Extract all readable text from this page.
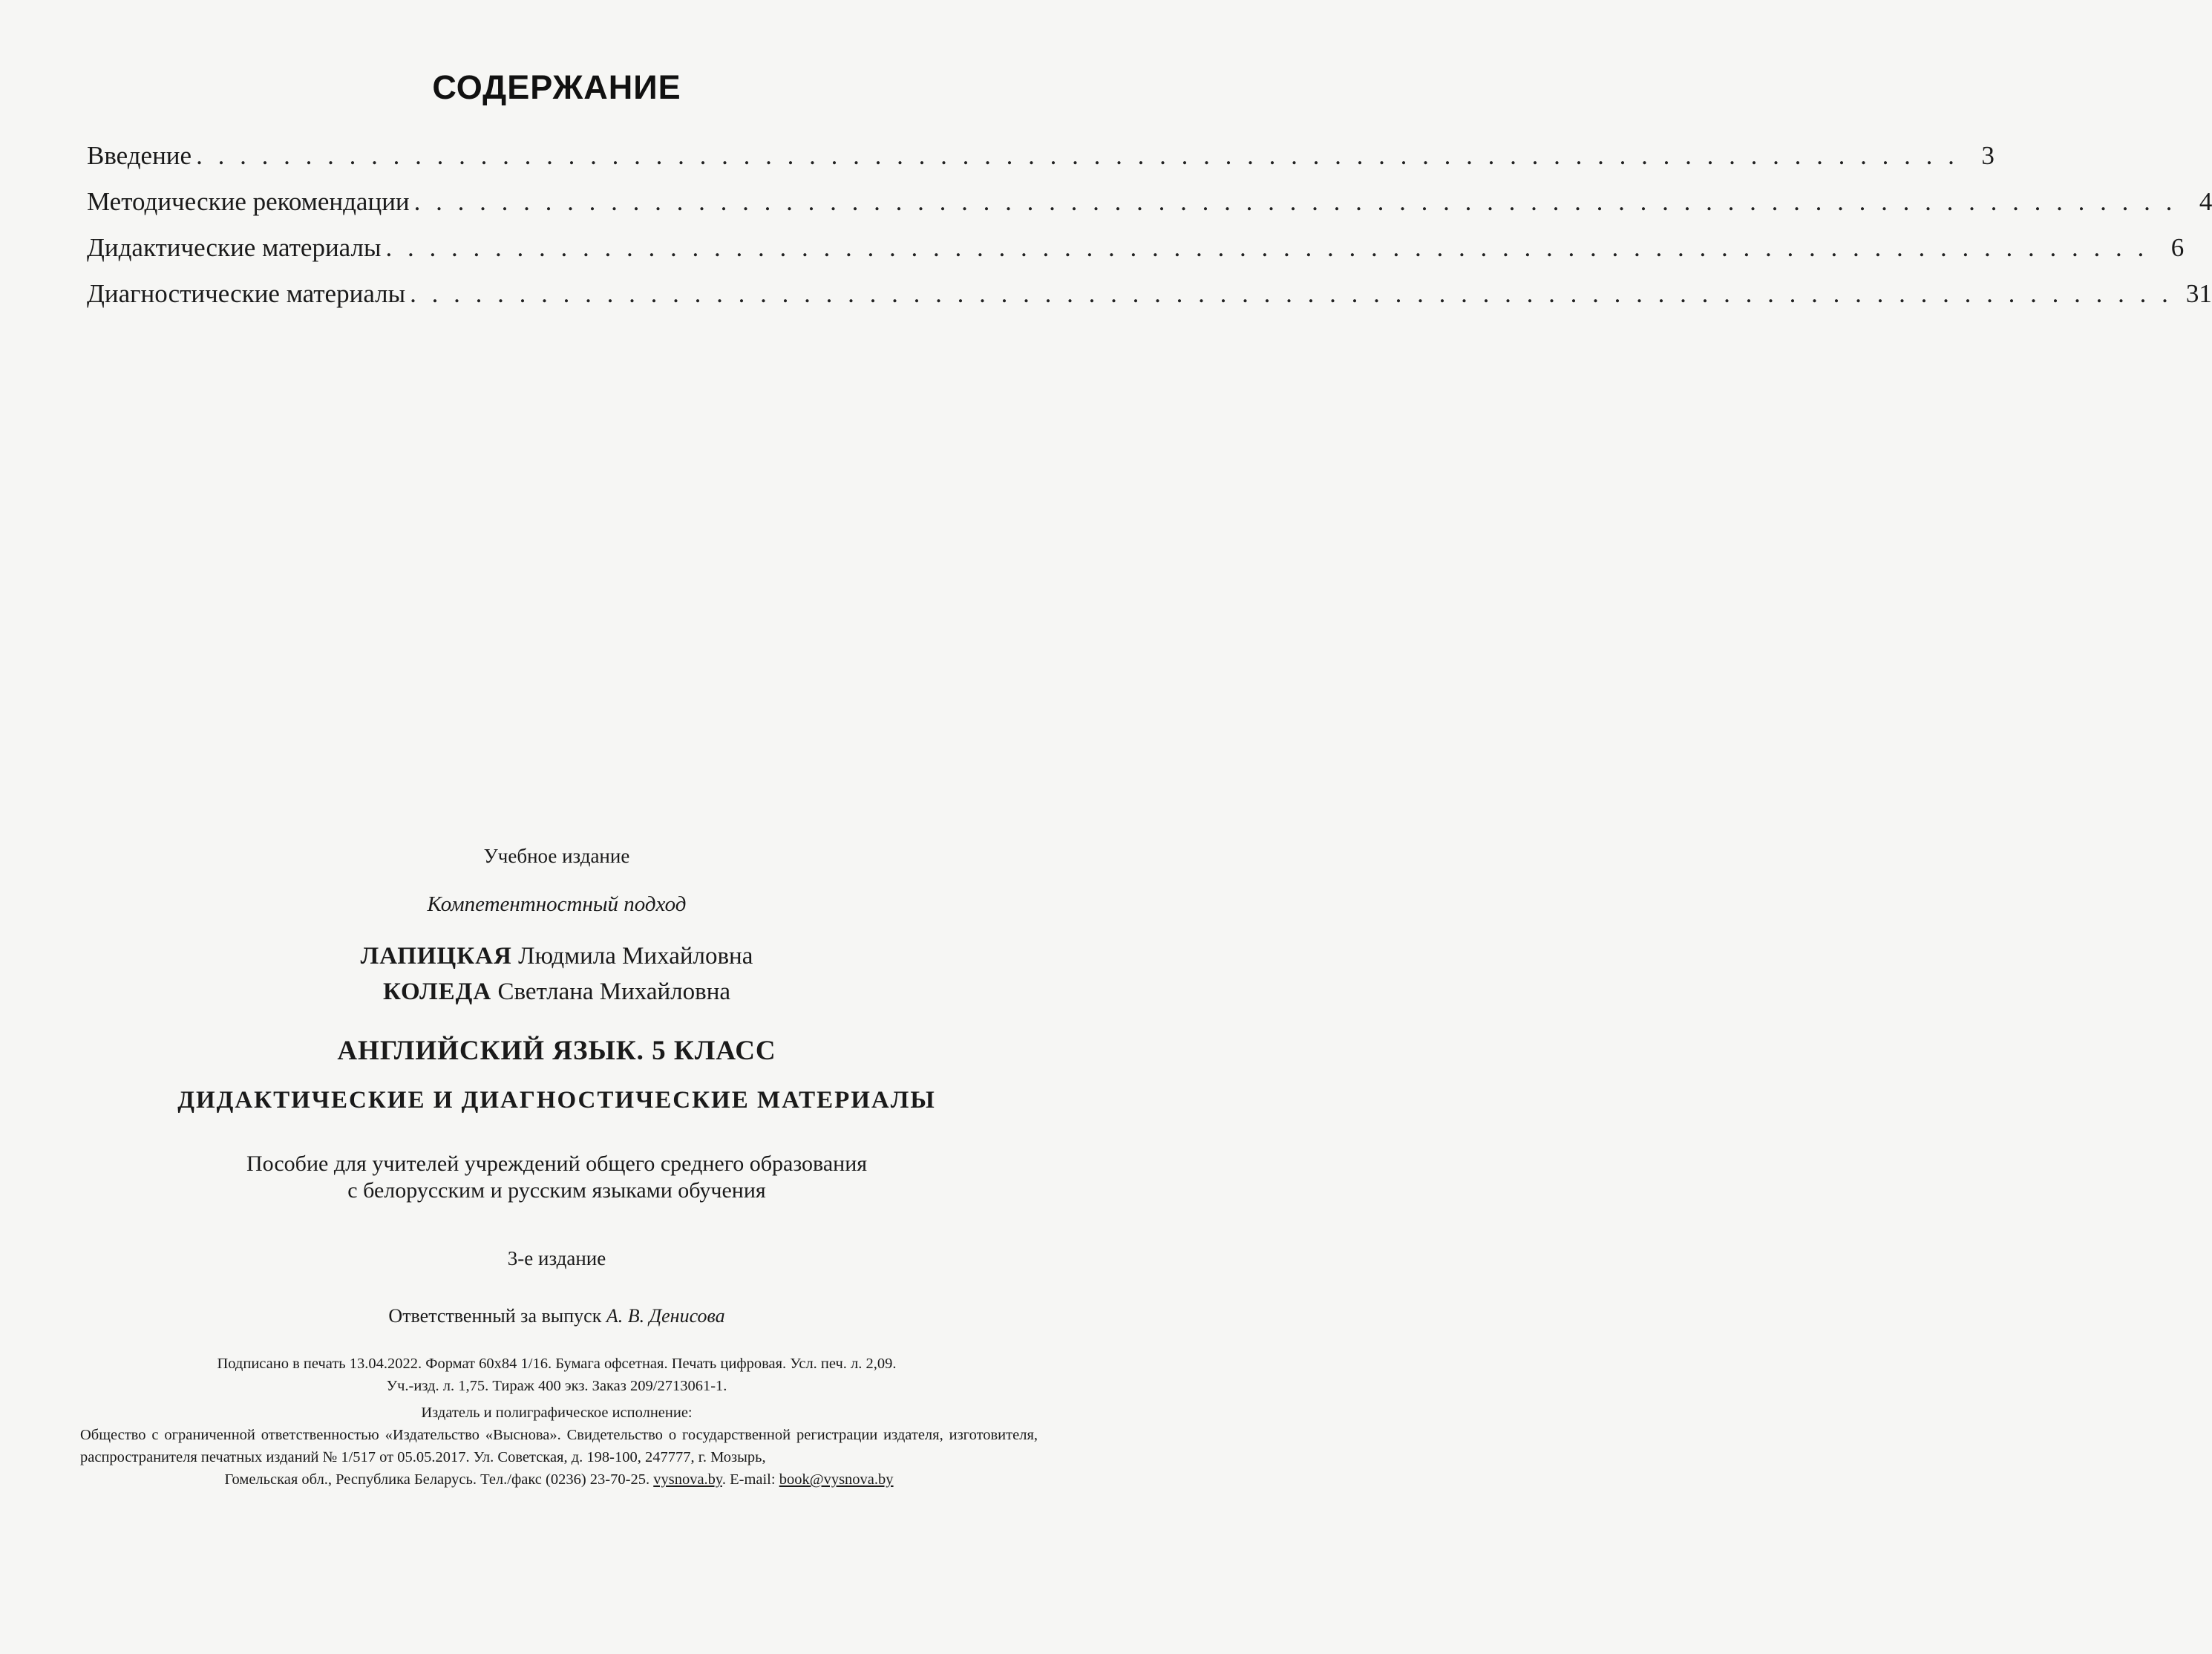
СОДЕРЖАНИЕ
Введение . . . . . . . . . . . . . . . . . . . . . . . . . . . . . . . . . . . . . . . . . . . . . . . . . . . . . . . . . . . . . . . . . . . . . . . . . . . . . . . . . 3
Методические рекомендации . . . . . . . . . . . . . . . . . . . . . . . . . . . . . . . . . . . . . . . . . . . . . . . . . . . . . . . . . . . . . . . . . . . . . . . . . . . . . . . . . 4
Дидактические материалы . . . . . . . . . . . . . . . . . . . . . . . . . . . . . . . . . . . . . . . . . . . . . . . . . . . . . . . . . . . . . . . . . . . . . . . . . . . . . . . . . 6
Диагностические материалы . . . . . . . . . . . . . . . . . . . . . . . . . . . . . . . . . . . . . . . . . . . . . . . . . . . . . . . . . . . . . . . . . . . . . . . . . . . . . . . . . 31
Учебное издание
Компетентностный подход
ЛАПИЦКАЯ Людмила Михайловна
КОЛЕДА Светлана Михайловна
АНГЛИЙСКИЙ ЯЗЫК. 5 КЛАСС
ДИДАКТИЧЕСКИЕ И ДИАГНОСТИЧЕСКИЕ МАТЕРИАЛЫ
Пособие для учителей учреждений общего среднего образования
с белорусским и русским языками обучения
3-е издание
Ответственный за выпуск А. В. Денисова
Подписано в печать 13.04.2022. Формат 60x84 1/16. Бумага офсетная. Печать цифровая. Усл. печ. л. 2,09.
Уч.-изд. л. 1,75. Тираж 400 экз. Заказ 209/2713061-1.
Издатель и полиграфическое исполнение:
Общество с ограниченной ответственностью «Издательство «Выснова». Свидетельство о государственной регистрации издателя, изготовителя, распространителя печатных изданий № 1/517 от 05.05.2017. Ул. Советская, д. 198-100, 247777, г. Мозырь,
Гомельская обл., Республика Беларусь. Тел./факс (0236) 23-70-25. vysnova.by. E-mail: book@vysnova.by
